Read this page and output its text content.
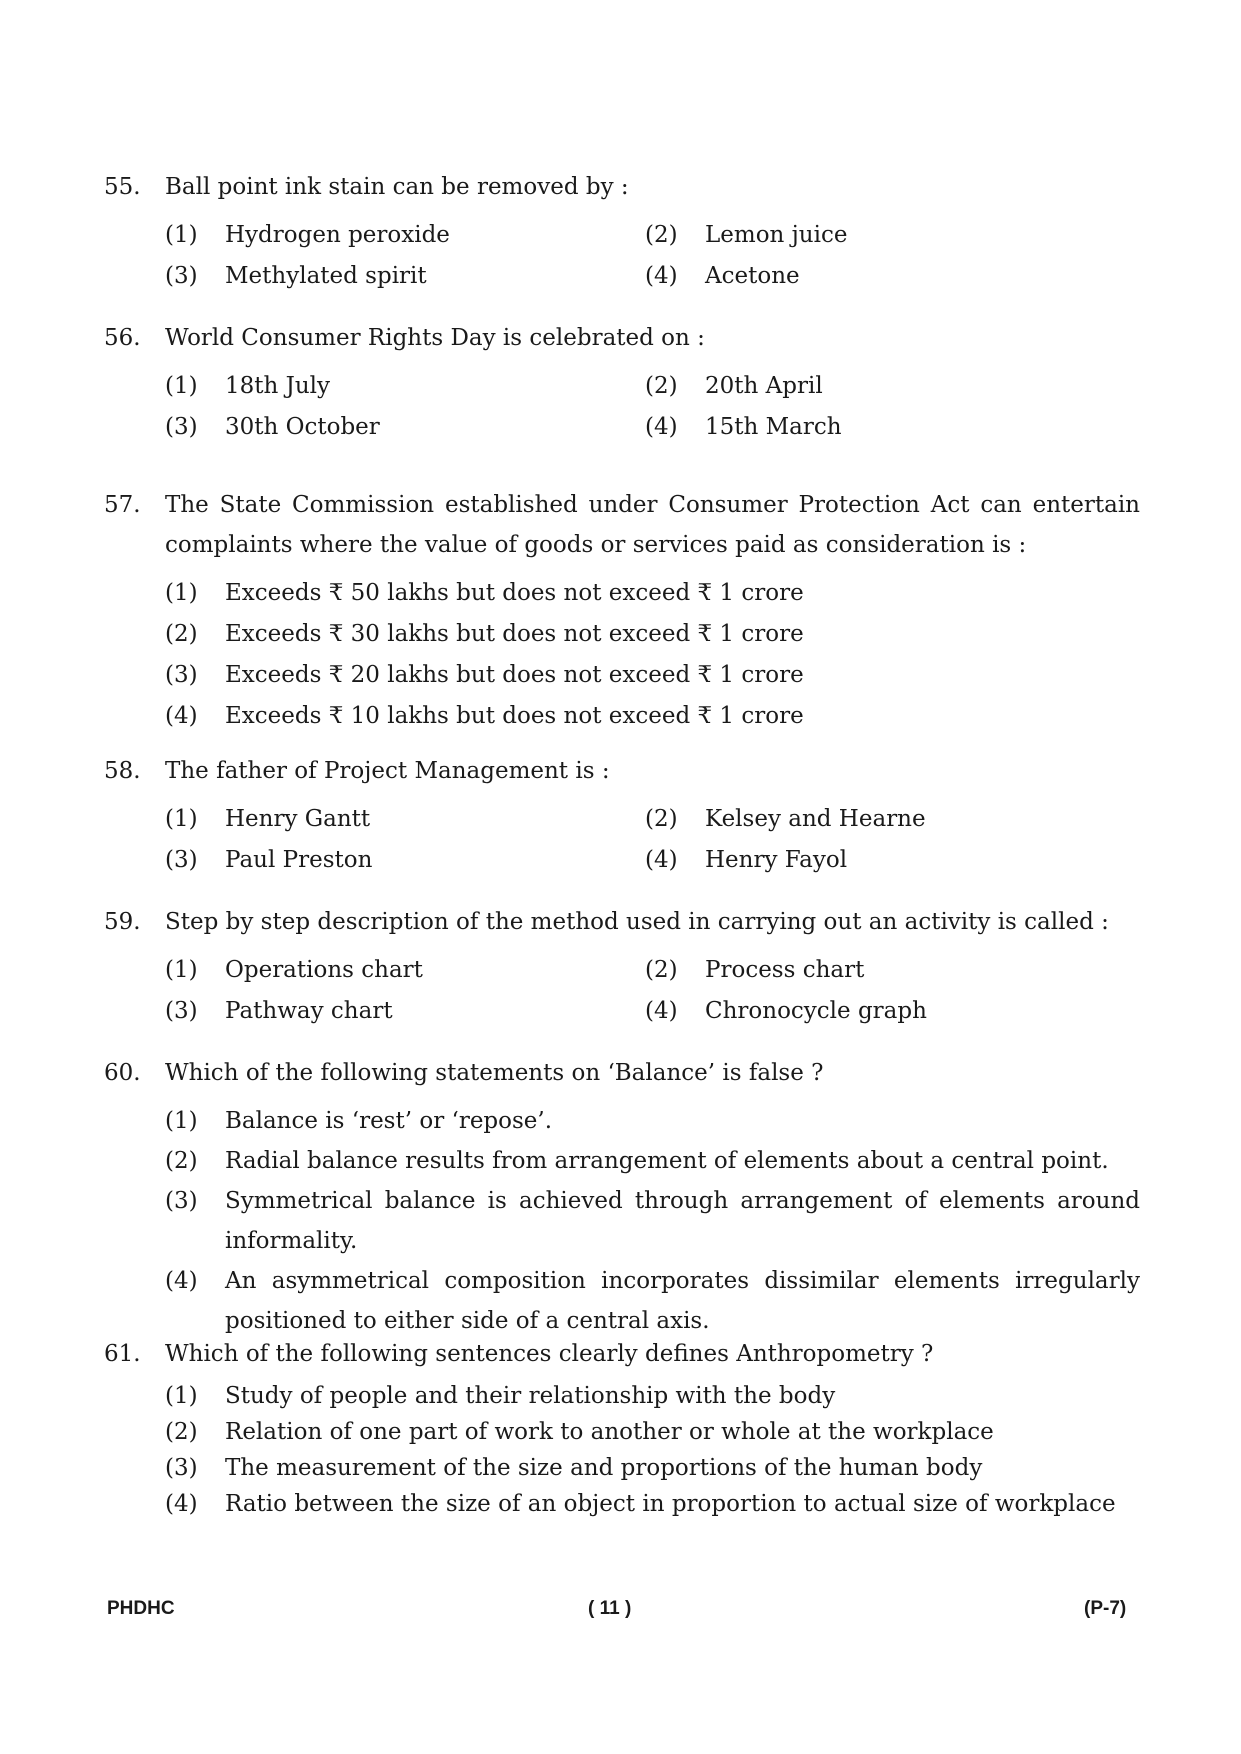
55. Ball point ink stain can be removed by :
(1) Hydrogen peroxide	(2) Lemon juice
(3) Methylated spirit	(4) Acetone
56. World Consumer Rights Day is celebrated on :
(1) 18th July	(2) 20th April
(3) 30th October	(4) 15th March
57. The State Commission established under Consumer Protection Act can entertain complaints where the value of goods or services paid as consideration is :
(1) Exceeds ₹ 50 lakhs but does not exceed ₹ 1 crore
(2) Exceeds ₹ 30 lakhs but does not exceed ₹ 1 crore
(3) Exceeds ₹ 20 lakhs but does not exceed ₹ 1 crore
(4) Exceeds ₹ 10 lakhs but does not exceed ₹ 1 crore
58. The father of Project Management is :
(1) Henry Gantt	(2) Kelsey and Hearne
(3) Paul Preston	(4) Henry Fayol
59. Step by step description of the method used in carrying out an activity is called :
(1) Operations chart	(2) Process chart
(3) Pathway chart	(4) Chronocycle graph
60. Which of the following statements on ‘Balance’ is false ?
(1) Balance is ‘rest’ or ‘repose’.
(2) Radial balance results from arrangement of elements about a central point.
(3) Symmetrical balance is achieved through arrangement of elements around informality.
(4) An asymmetrical composition incorporates dissimilar elements irregularly positioned to either side of a central axis.
61. Which of the following sentences clearly defines Anthropometry ?
(1) Study of people and their relationship with the body
(2) Relation of one part of work to another or whole at the workplace
(3) The measurement of the size and proportions of the human body
(4) Ratio between the size of an object in proportion to actual size of workplace
PHDHC	( 11 )	(P-7)
